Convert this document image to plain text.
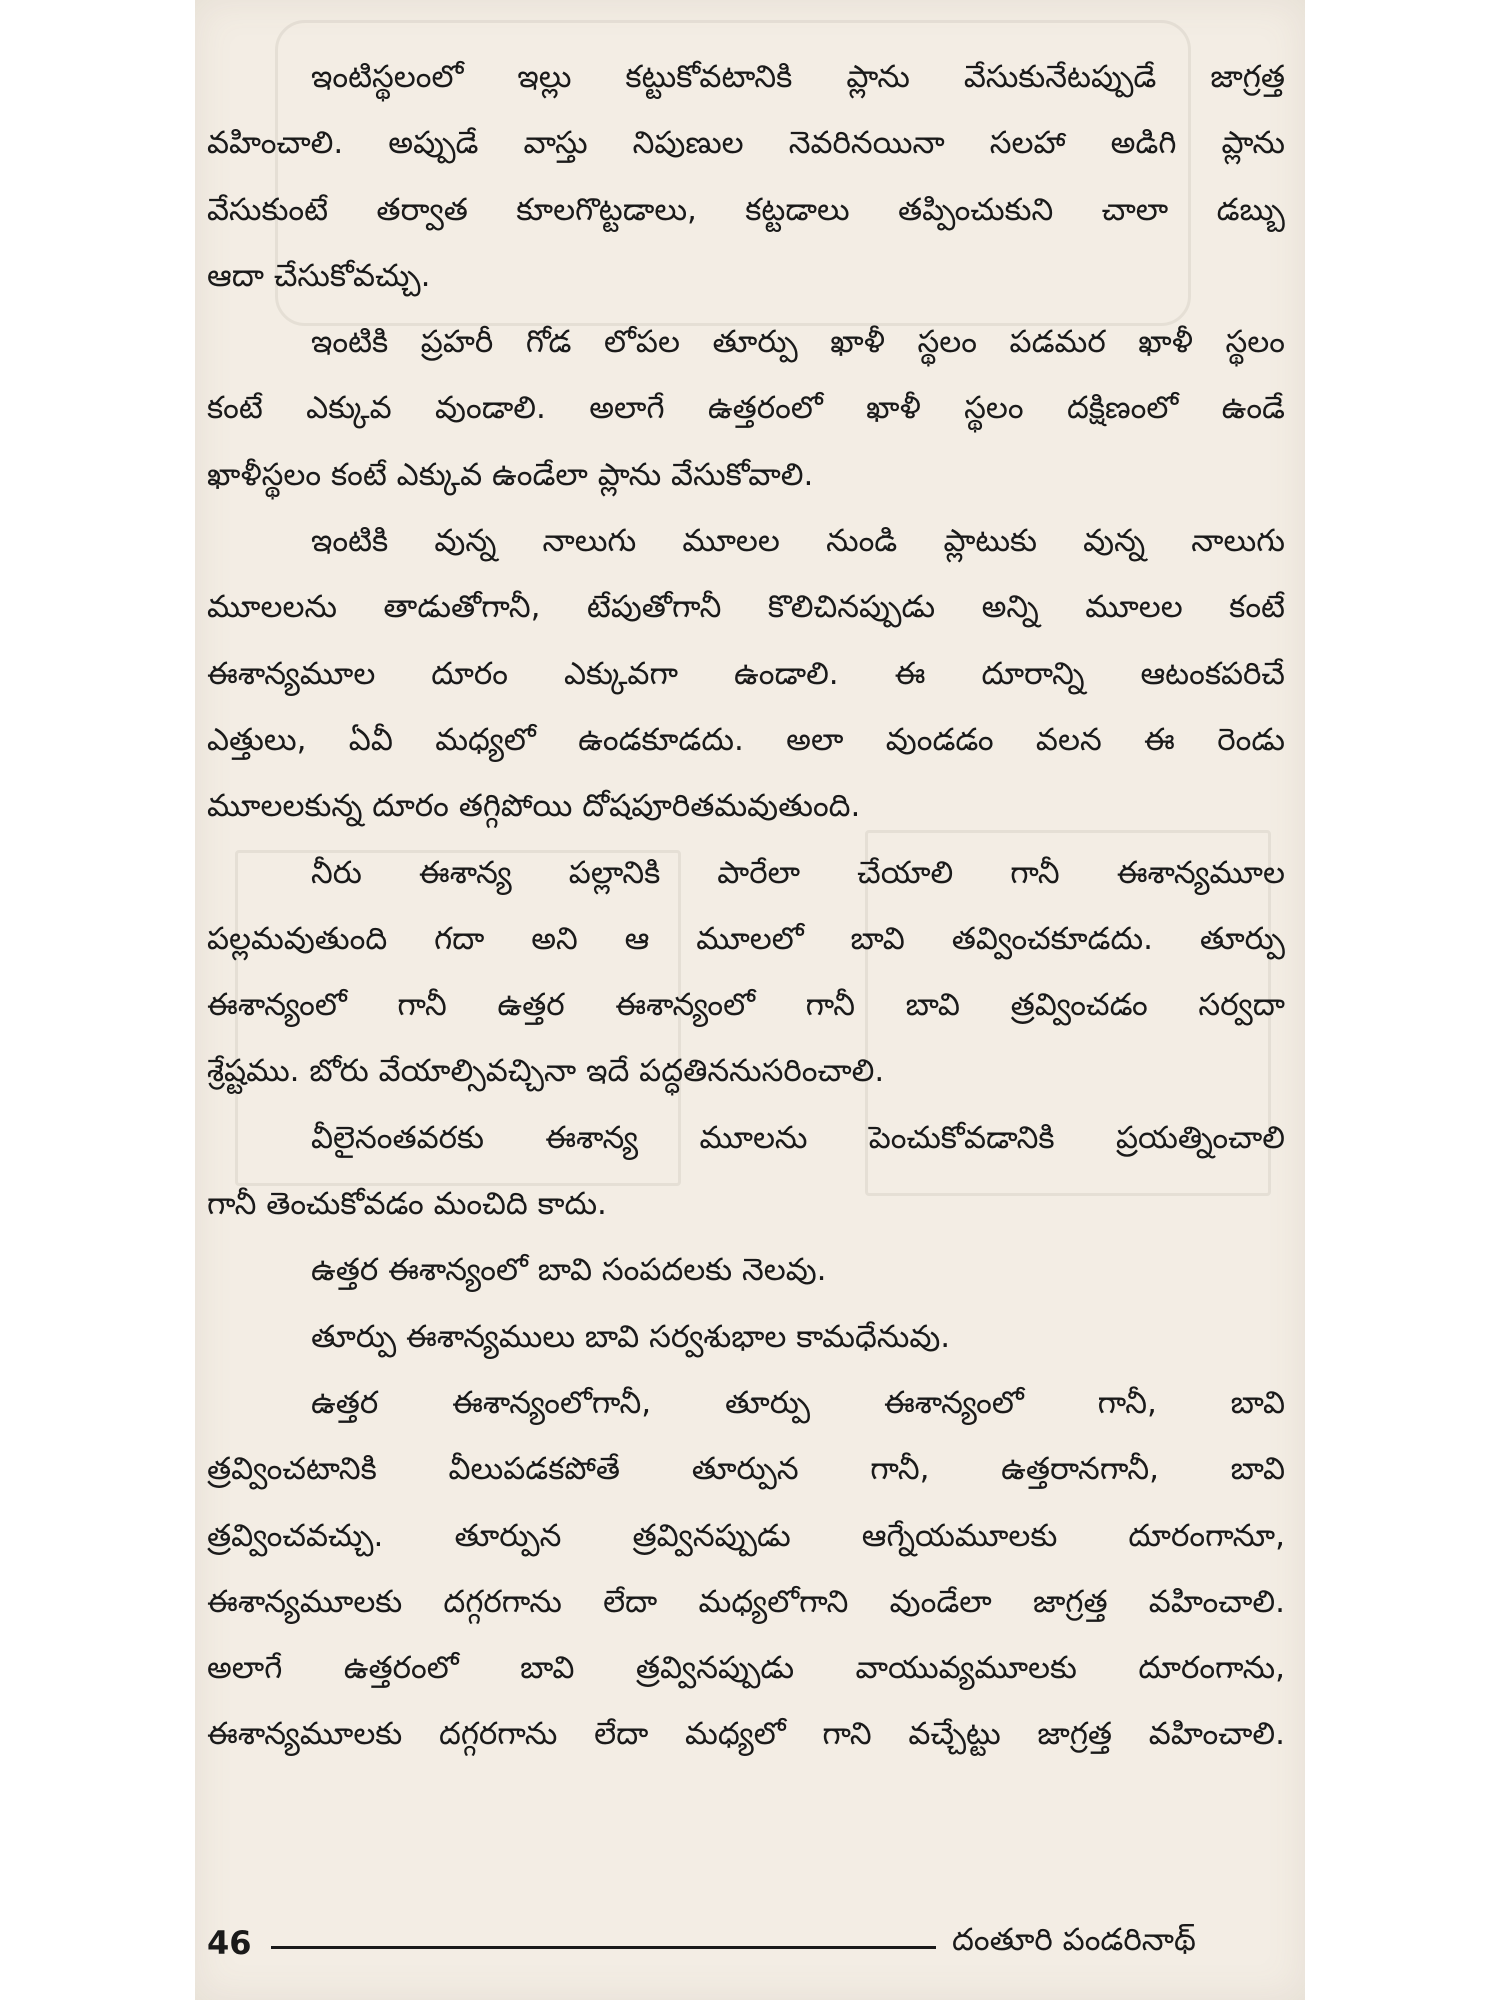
ఇంటిస్థలంలో ఇల్లు కట్టుకోవటానికి ప్లాను వేసుకునేటప్పుడే జాగ్రత్త
వహించాలి. అప్పుడే వాస్తు నిపుణుల నెవరినయినా సలహా అడిగి ప్లాను
వేసుకుంటే తర్వాత కూలగొట్టడాలు, కట్టడాలు తప్పించుకుని చాలా డబ్బు
ఆదా చేసుకోవచ్చు.
ఇంటికి ప్రహరీ గోడ లోపల తూర్పు ఖాళీ స్థలం పడమర ఖాళీ స్థలం
కంటే ఎక్కువ వుండాలి. అలాగే ఉత్తరంలో ఖాళీ స్థలం దక్షిణంలో ఉండే
ఖాళీస్థలం కంటే ఎక్కువ ఉండేలా ప్లాను వేసుకోవాలి.
ఇంటికి వున్న నాలుగు మూలల నుండి ప్లాటుకు వున్న నాలుగు
మూలలను తాడుతోగానీ, టేపుతోగానీ కొలిచినప్పుడు అన్ని మూలల కంటే
ఈశాన్యమూల దూరం ఎక్కువగా ఉండాలి. ఈ దూరాన్ని ఆటంకపరిచే
ఎత్తులు, ఏవీ మధ్యలో ఉండకూడదు. అలా వుండడం వలన ఈ రెండు
మూలలకున్న దూరం తగ్గిపోయి దోషపూరితమవుతుంది.
నీరు ఈశాన్య పల్లానికి పారేలా చేయాలి గానీ ఈశాన్యమూల
పల్లమవుతుంది గదా అని ఆ మూలలో బావి తవ్వించకూడదు. తూర్పు
ఈశాన్యంలో గానీ ఉత్తర ఈశాన్యంలో గానీ బావి త్రవ్వించడం సర్వదా
శ్రేష్టము. బోరు వేయాల్సివచ్చినా ఇదే పద్ధతిననుసరించాలి.
వీలైనంతవరకు ఈశాన్య మూలను పెంచుకోవడానికి ప్రయత్నించాలి
గానీ తెంచుకోవడం మంచిది కాదు.
ఉత్తర ఈశాన్యంలో బావి సంపదలకు నెలవు.
తూర్పు ఈశాన్యములు బావి సర్వశుభాల కామధేనువు.
ఉత్తర ఈశాన్యంలోగానీ, తూర్పు ఈశాన్యంలో గానీ, బావి
త్రవ్వించటానికి వీలుపడకపోతే తూర్పున గానీ, ఉత్తరానగానీ, బావి
త్రవ్వించవచ్చు. తూర్పున త్రవ్వినప్పుడు ఆగ్నేయమూలకు దూరంగానూ,
ఈశాన్యమూలకు దగ్గరగాను లేదా మధ్యలోగాని వుండేలా జాగ్రత్త వహించాలి.
అలాగే ఉత్తరంలో బావి త్రవ్వినప్పుడు వాయువ్యమూలకు దూరంగాను,
ఈశాన్యమూలకు దగ్గరగాను లేదా మధ్యలో గాని వచ్చేట్టు జాగ్రత్త వహించాలి.
46	దంతూరి పండరినాథ్
